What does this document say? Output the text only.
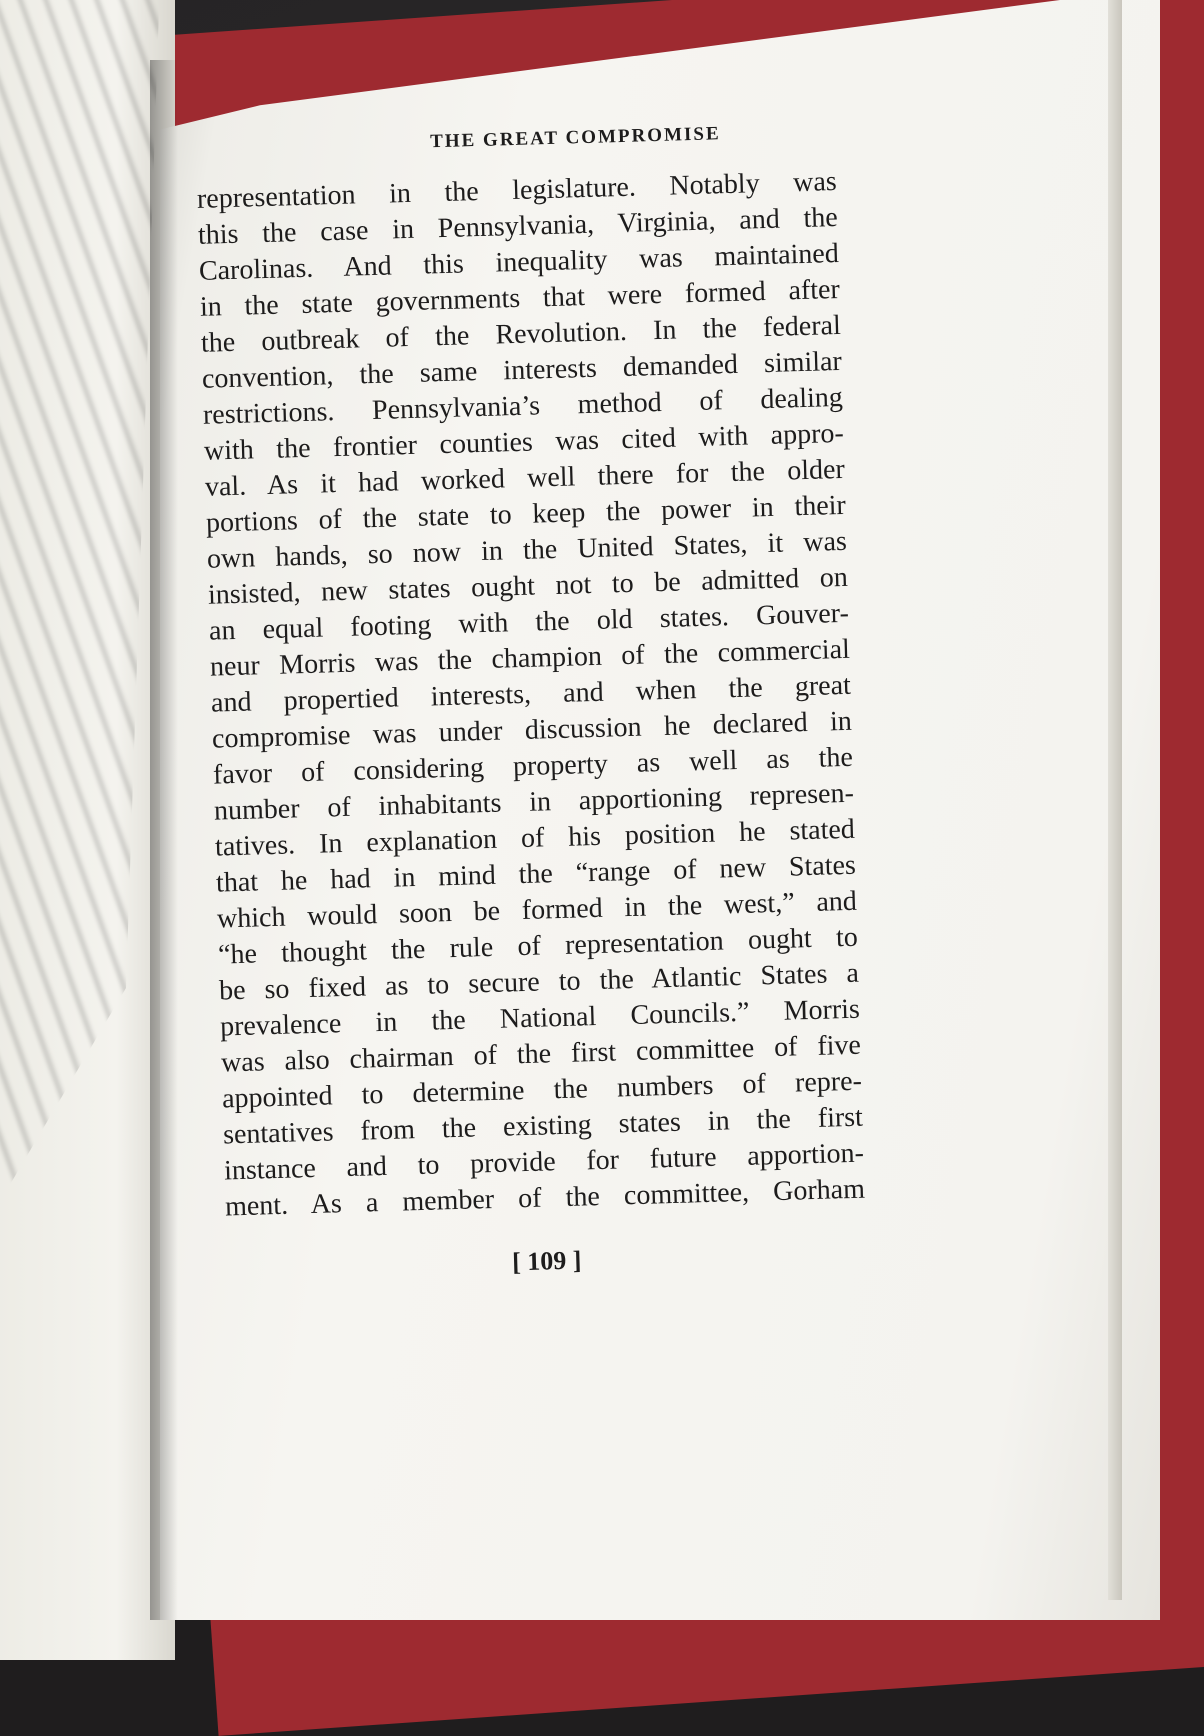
THE GREAT COMPROMISE
representation in the legislature. Notably was
this the case in Pennsylvania, Virginia, and the
Carolinas. And this inequality was maintained
in the state governments that were formed after
the outbreak of the Revolution. In the federal
convention, the same interests demanded similar
restrictions. Pennsylvania’s method of dealing
with the frontier counties was cited with appro-
val. As it had worked well there for the older
portions of the state to keep the power in their
own hands, so now in the United States, it was
insisted, new states ought not to be admitted on
an equal footing with the old states. Gouver-
neur Morris was the champion of the commercial
and propertied interests, and when the great
compromise was under discussion he declared in
favor of considering property as well as the
number of inhabitants in apportioning represen-
tatives. In explanation of his position he stated
that he had in mind the “range of new States
which would soon be formed in the west,” and
“he thought the rule of representation ought to
be so fixed as to secure to the Atlantic States a
prevalence in the National Councils.” Morris
was also chairman of the first committee of five
appointed to determine the numbers of repre-
sentatives from the existing states in the first
instance and to provide for future apportion-
ment. As a member of the committee, Gorham
[ 109 ]
